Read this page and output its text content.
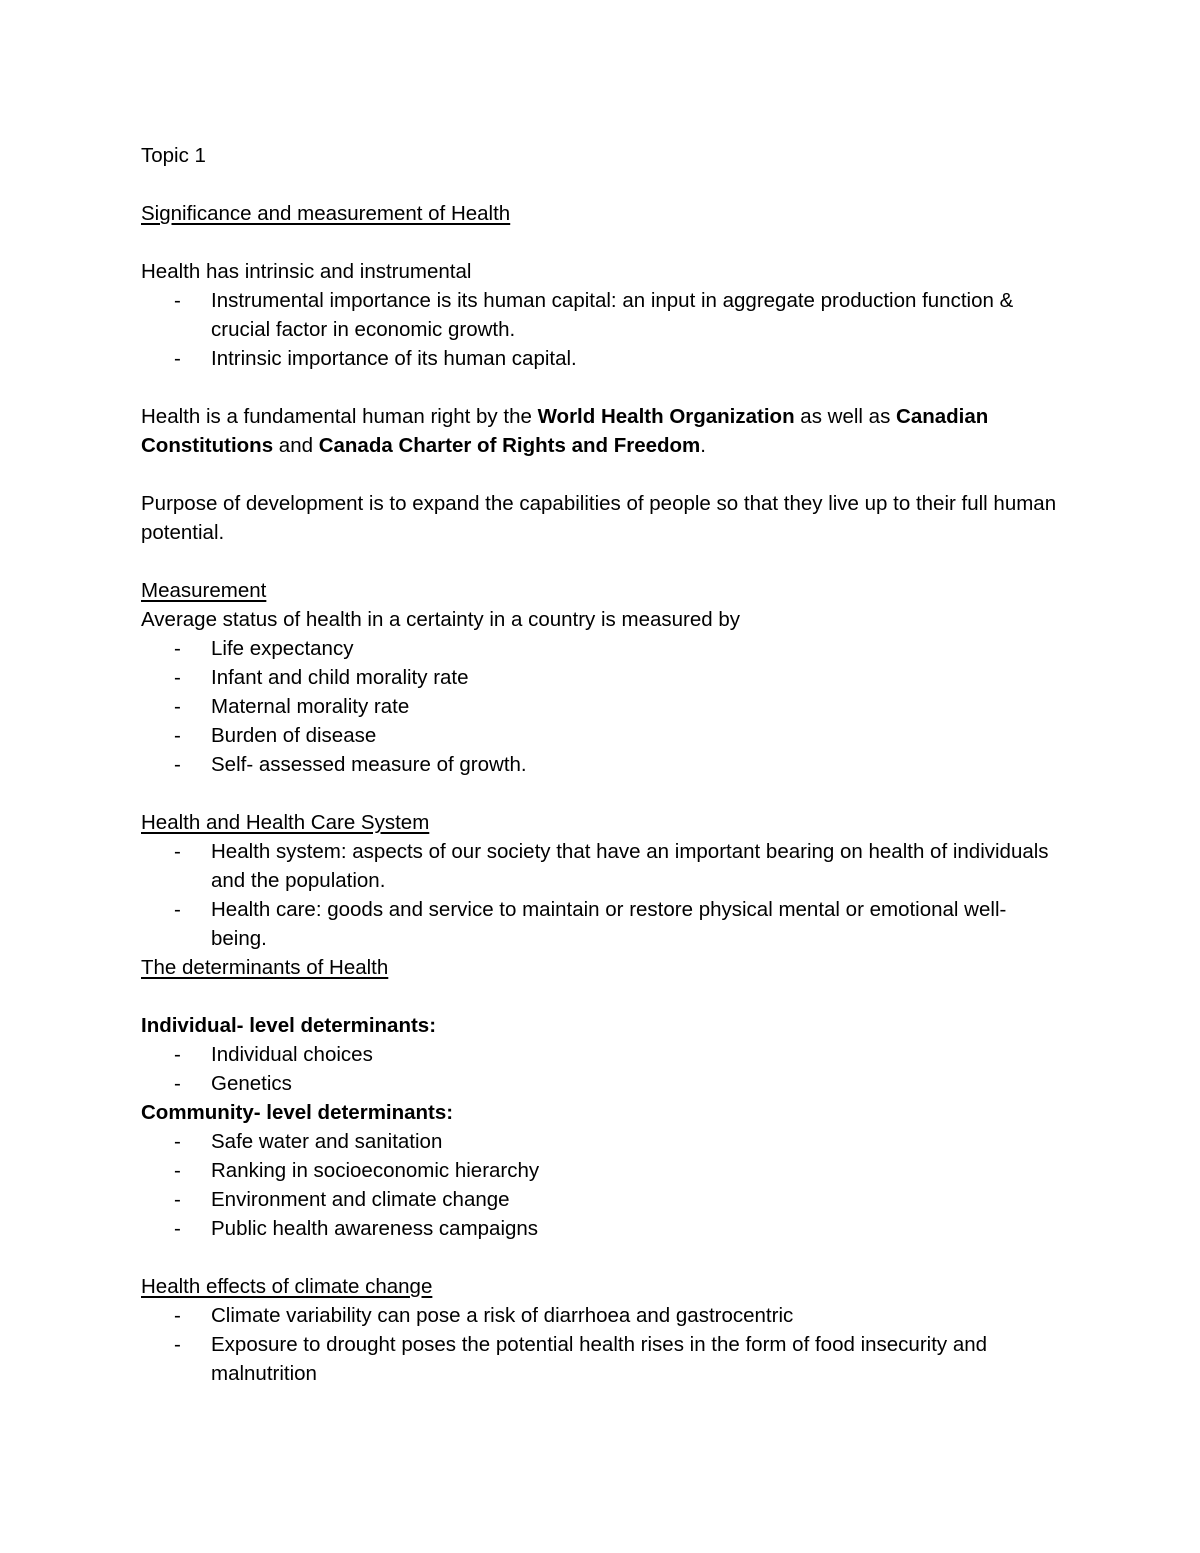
Topic 1

Significance and measurement of Health

Health has intrinsic and instrumental

- Instrumental importance is its human capital: an input in aggregate production function & crucial factor in economic growth.
- Intrinsic importance of its human capital.

Health is a fundamental human right by the World Health Organization as well as Canadian Constitutions and Canada Charter of Rights and Freedom.

Purpose of development is to expand the capabilities of people so that they live up to their full human potential.

Measurement

Average status of health in a certainty in a country is measured by

- Life expectancy
- Infant and child morality rate
- Maternal morality rate
- Burden of disease
- Self- assessed measure of growth.

Health and Health Care System

- Health system: aspects of our society that have an important bearing on health of individuals and the population.
- Health care: goods and service to maintain or restore physical mental or emotional well-being.

The determinants of Health

Individual- level determinants:

- Individual choices
- Genetics

Community- level determinants:

- Safe water and sanitation
- Ranking in socioeconomic hierarchy
- Environment and climate change
- Public health awareness campaigns

Health effects of climate change

- Climate variability can pose a risk of diarrhoea and gastrocentric
- Exposure to drought poses the potential health rises in the form of food insecurity and malnutrition
